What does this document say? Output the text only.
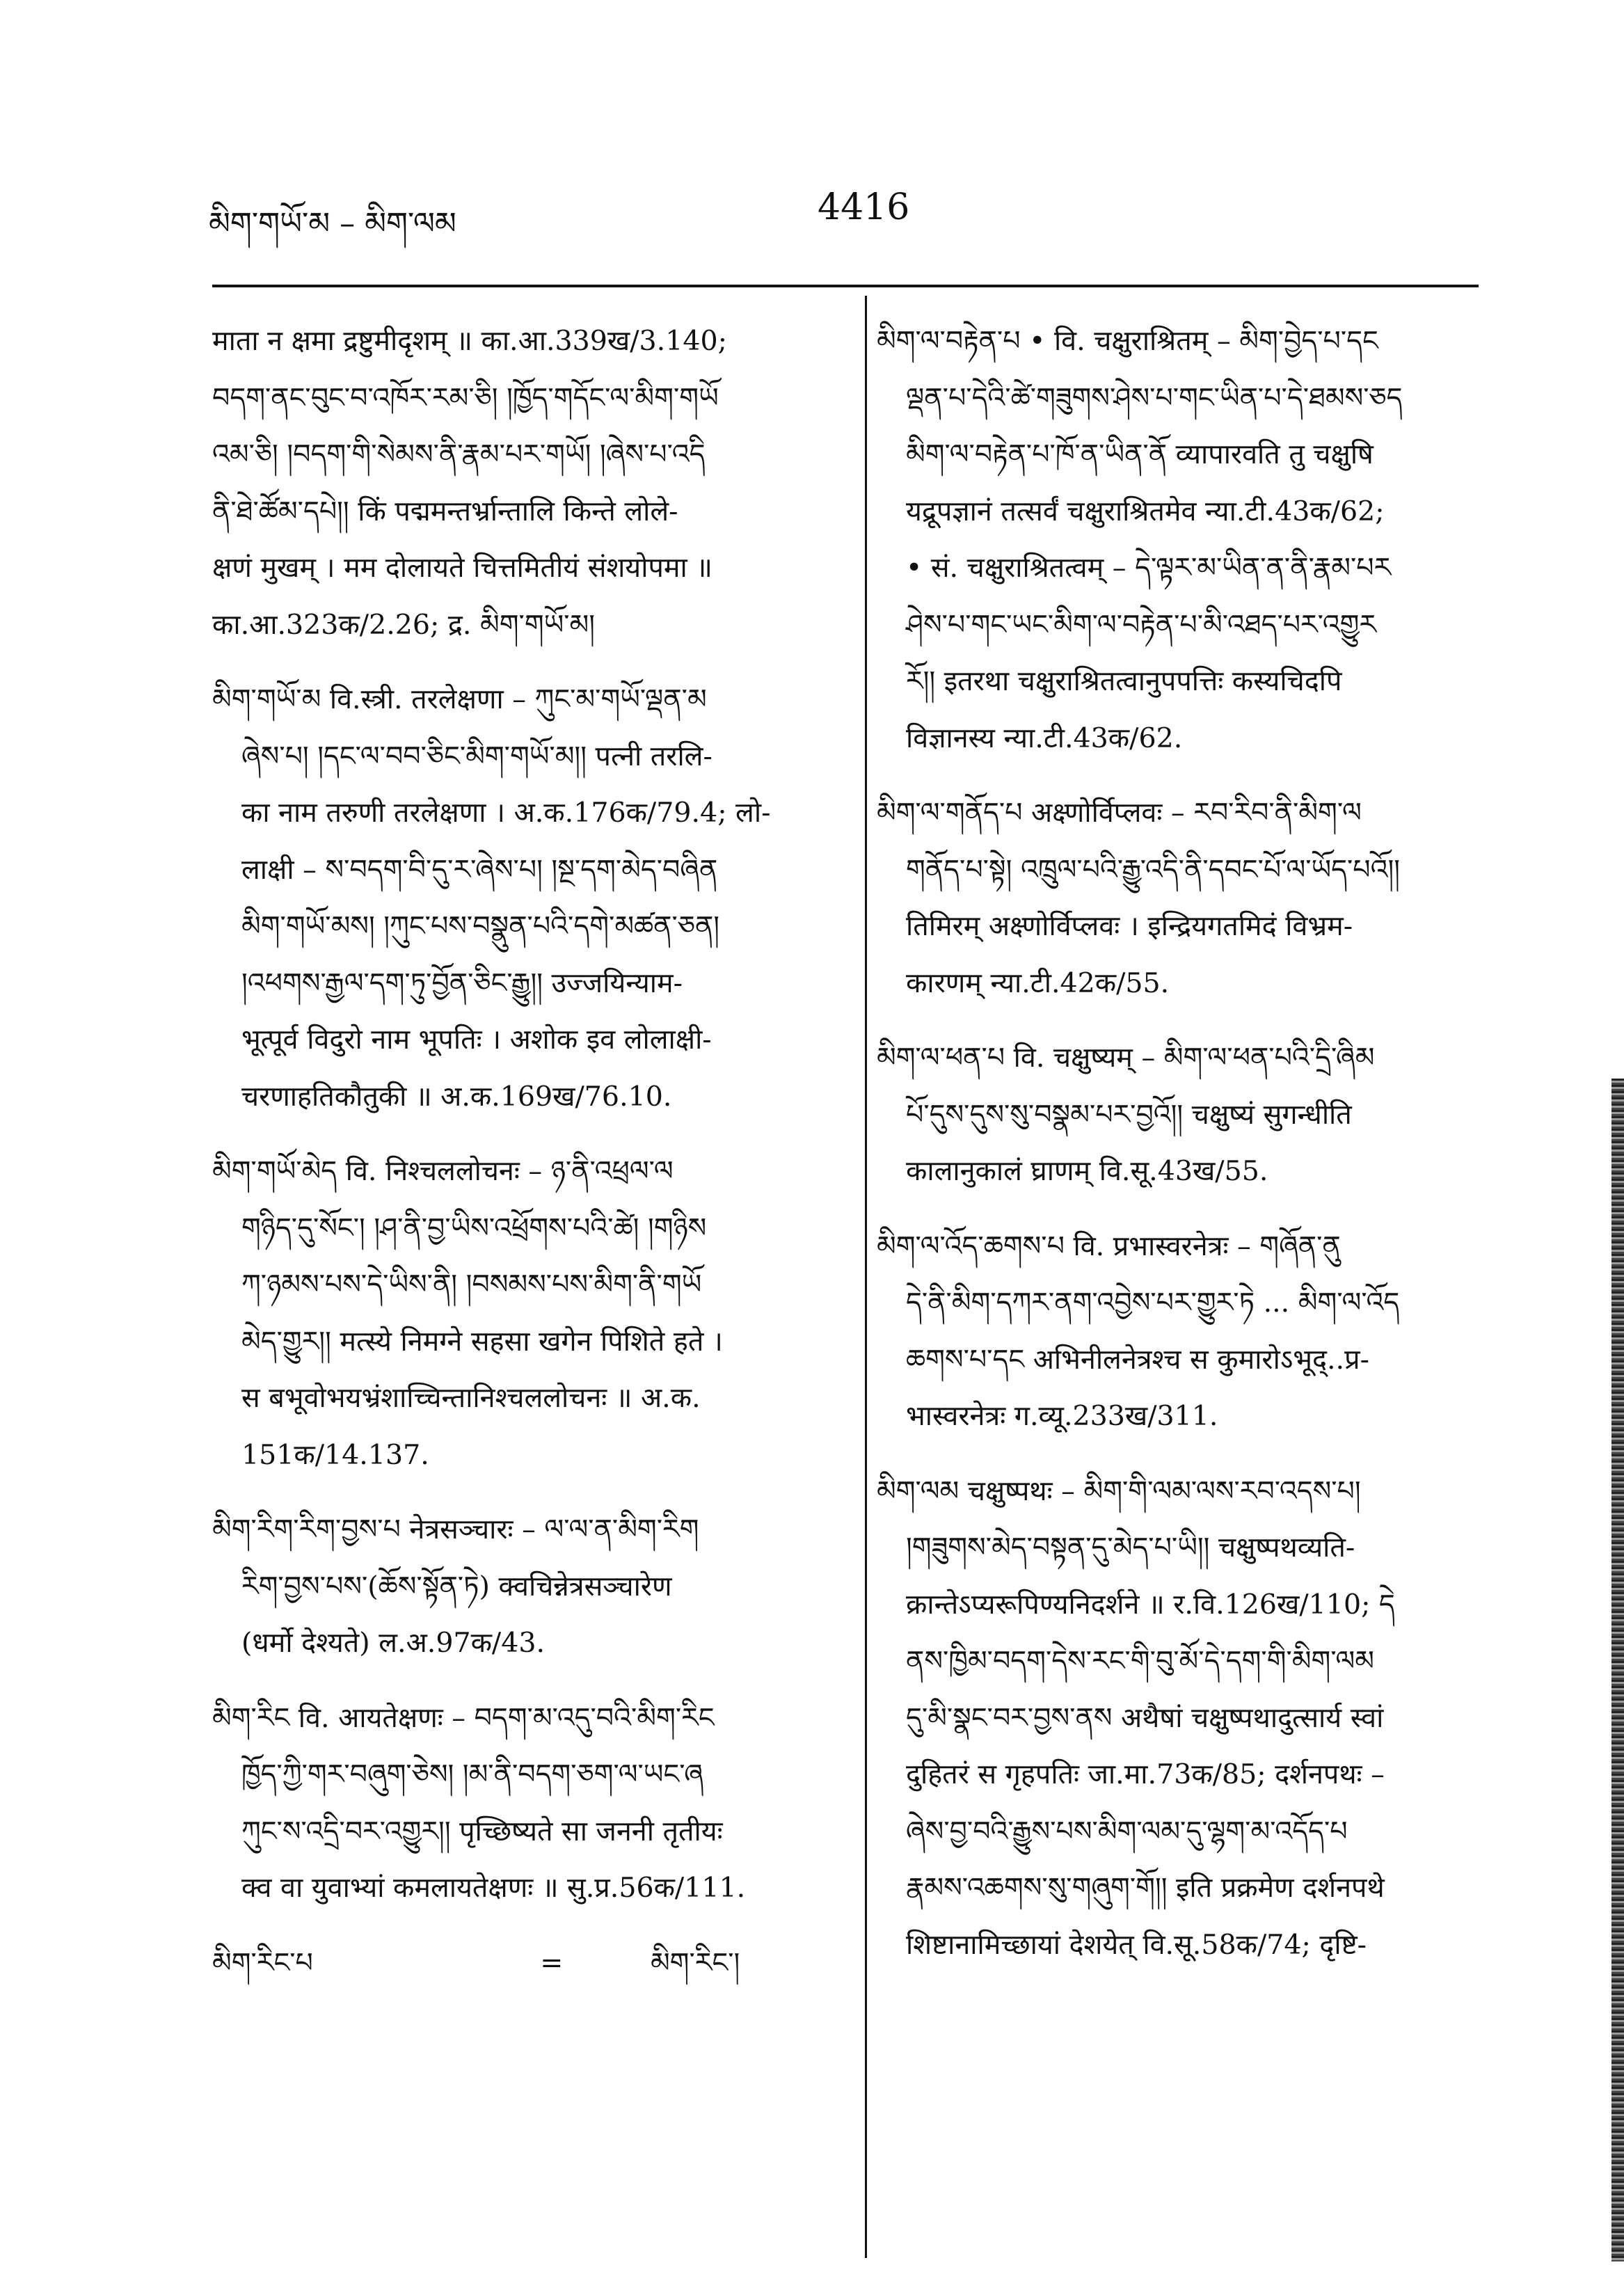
མིག་གཡོ་མ – མིག་ལམ	4416
माता न क्षमा द्रष्टुमीदृशम् ॥ का.आ.339ख/3.140;
བདག་ནང་བུང་བ་འཁོར་རམ་ཅི། །ཁྱོད་གདོང་ལ་མིག་གཡོ
འམ་ཅི། །བདག་གི་སེམས་ནི་རྣམ་པར་གཡོ། །ཞེས་པ་འདི
ནི་ཐེ་ཚོམ་དཔེ།། किं पद्ममन्तर्भ्रान्तालि किन्ते लोले-
क्षणं मुखम् । मम दोलायते चित्तमितीयं संशयोपमा ॥
का.आ.323क/2.26; द्र. མིག་གཡོ་མ།
མིག་གཡོ་མ वि.स्त्री. तरलेक्षणा – ཀུང་མ་གཡོ་ལྡན་མ
ཞེས་པ། །དང་ལ་བབ་ཅིང་མིག་གཡོ་མ།། पत्नी तरलि-
का नाम तरुणी तरलेक्षणा । अ.क.176क/79.4; लो-
लाक्षी – ས་བདག་བི་དུ་ར་ཞེས་པ། །སྔ་དག་མེད་བཞིན
མིག་གཡོ་མས། །ཀུང་པས་བསྣུན་པའི་དགེ་མཚན་ཅན།
།འཕགས་རྒྱལ་དག་ཏུ་བྱོན་ཅིང་རྒྱུ།། उज्जयिन्याम-
भूत्पूर्व विदुरो नाम भूपतिः । अशोक इव लोलाक्षी-
चरणाहतिकौतुकी ॥ अ.क.169ख/76.10.
མིག་གཡོ་མེད वि. निश्चललोचनः – ཉ་ནི་འཕྲལ་ལ
གཉིད་དུ་སོང་། །ཤ་ནི་བྱ་ཡིས་འཕྲོགས་པའི་ཚེ། །གཉིས
ཀ་ཉམས་པས་དེ་ཡིས་ནི། །བསམས་པས་མིག་ནི་གཡོ
མེད་གྱུར།། मत्स्ये निमग्ने सहसा खगेन पिशिते हते ।
स बभूवोभयभ्रंशाच्चिन्तानिश्चललोचनः ॥ अ.क.
151क/14.137.
མིག་རིག་རིག་བྱས་པ नेत्रसञ्चारः – ལ་ལ་ན་མིག་རིག
རིག་བྱས་པས་(ཆོས་སྟོན་ཏེ) क्वचिन्नेत्रसञ्चारेण
(धर्मो देश्यते) ल.अ.97क/43.
མིག་རིང वि. आयतेक्षणः – བདག་མ་འདུ་བའི་མིག་རིང
ཁྱོད་ཀྱི་གར་བཞུག་ཅེས། །མ་ནི་བདག་ཅག་ལ་ཡང་ཞ
ཀུང་ས་འདྲི་བར་འགྱུར།། पृच्छिष्यते सा जननी तृतीयः
क्व वा युवाभ्यां कमलायतेक्षणः ॥ सु.प्र.56क/111.
མིག་རིང་པ                          =          མིག་རིང་།
མིག་ལ་བརྟེན་པ • वि. चक्षुराश्रितम् – མིག་བྱེད་པ་དང
ལྡན་པ་དེའི་ཚེ་གཟུགས་ཤེས་པ་གང་ཡིན་པ་དེ་ཐམས་ཅད
མིག་ལ་བརྟེན་པ་ཁོ་ན་ཡིན་ནོ व्यापारवति तु चक्षुषि
यद्रूपज्ञानं तत्सर्वं चक्षुराश्रितमेव न्या.टी.43क/62;
• सं. चक्षुराश्रितत्वम् – དེ་ལྟར་མ་ཡིན་ན་ནི་རྣམ་པར
ཤེས་པ་གང་ཡང་མིག་ལ་བརྟེན་པ་མི་འཐད་པར་འགྱུར
རོ།། इतरथा चक्षुराश्रितत्वानुपपत्तिः कस्यचिदपि
विज्ञानस्य न्या.टी.43क/62.
མིག་ལ་གནོད་པ अक्ष्णोर्विप्लवः – རབ་རིབ་ནི་མིག་ལ
གནོད་པ་སྟེ། འཁྲུལ་པའི་རྒྱུ་འདི་ནི་དབང་པོ་ལ་ཡོད་པའོ།།
तिमिरम् अक्ष्णोर्विप्लवः । इन्द्रियगतमिदं विभ्रम-
कारणम् न्या.टी.42क/55.
མིག་ལ་ཕན་པ वि. चक्षुष्यम् – མིག་ལ་ཕན་པའི་དྲི་ཞིམ
པོ་དུས་དུས་སུ་བསྣམ་པར་བྱའོ།། चक्षुष्यं सुगन्धीति
कालानुकालं घ्राणम् वि.सू.43ख/55.
མིག་ལ་འོད་ཆགས་པ वि. प्रभास्वरनेत्रः – གཞོན་ནུ
དེ་ནི་མིག་དཀར་ནག་འབྱེས་པར་གྱུར་ཏེ ... མིག་ལ་འོད
ཆགས་པ་དང अभिनीलनेत्रश्च स कुमारोऽभूद्..प्र-
भास्वरनेत्रः ग.व्यू.233ख/311.
མིག་ལམ चक्षुष्पथः – མིག་གི་ལམ་ལས་རབ་འདས་པ།
།གཟུགས་མེད་བསྟན་དུ་མེད་པ་ཡི།། चक्षुष्पथव्यति-
क्रान्तेऽप्यरूपिण्यनिदर्शने ॥ र.वि.126ख/110; དེ
ནས་ཁྱིམ་བདག་དེས་རང་གི་བུ་མོ་དེ་དག་གི་མིག་ལམ
དུ་མི་སྣང་བར་བྱས་ནས अथैषां चक्षुष्पथादुत्सार्य स्वां
दुहितरं स गृहपतिः जा.मा.73क/85; दर्शनपथः –
ཞེས་བྱ་བའི་རྒྱུས་པས་མིག་ལམ་དུ་ལྷག་མ་འདོད་པ
རྣམས་འཆགས་སུ་གཞུག་གོ།། इति प्रक्रमेण दर्शनपथे
शिष्टानामिच्छायां देशयेत् वि.सू.58क/74; दृष्टि-
